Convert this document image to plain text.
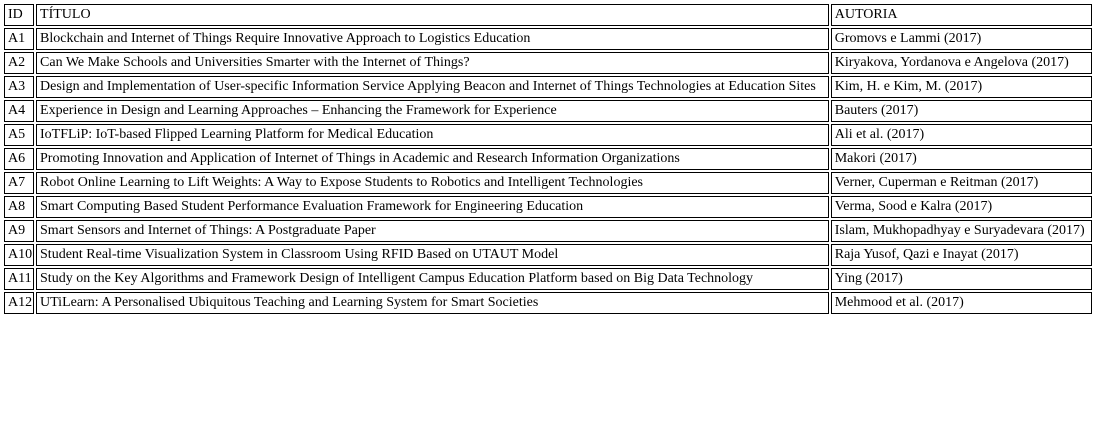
ID	TÍTULO	AUTORIA
A1	Blockchain and Internet of Things Require Innovative Approach to Logistics Education	Gromovs e Lammi (2017)
A2	Can We Make Schools and Universities Smarter with the Internet of Things?	Kiryakova, Yordanova e Angelova (2017)
A3	Design and Implementation of User-specific Information Service Applying Beacon and Internet of Things Technologies at Education Sites	Kim, H. e Kim, M. (2017)
A4	Experience in Design and Learning Approaches – Enhancing the Framework for Experience	Bauters (2017)
A5	IoTFLiP: IoT-based Flipped Learning Platform for Medical Education	Ali et al. (2017)
A6	Promoting Innovation and Application of Internet of Things in Academic and Research Information Organizations	Makori (2017)
A7	Robot Online Learning to Lift Weights: A Way to Expose Students to Robotics and Intelligent Technologies	Verner, Cuperman e Reitman (2017)
A8	Smart Computing Based Student Performance Evaluation Framework for Engineering Education	Verma, Sood e Kalra (2017)
A9	Smart Sensors and Internet of Things: A Postgraduate Paper	Islam, Mukhopadhyay e Suryadevara (2017)
A10	Student Real-time Visualization System in Classroom Using RFID Based on UTAUT Model	Raja Yusof, Qazi e Inayat (2017)
A11	Study on the Key Algorithms and Framework Design of Intelligent Campus Education Platform based on Big Data Technology	Ying (2017)
A12	UTiLearn: A Personalised Ubiquitous Teaching and Learning System for Smart Societies	Mehmood et al. (2017)
